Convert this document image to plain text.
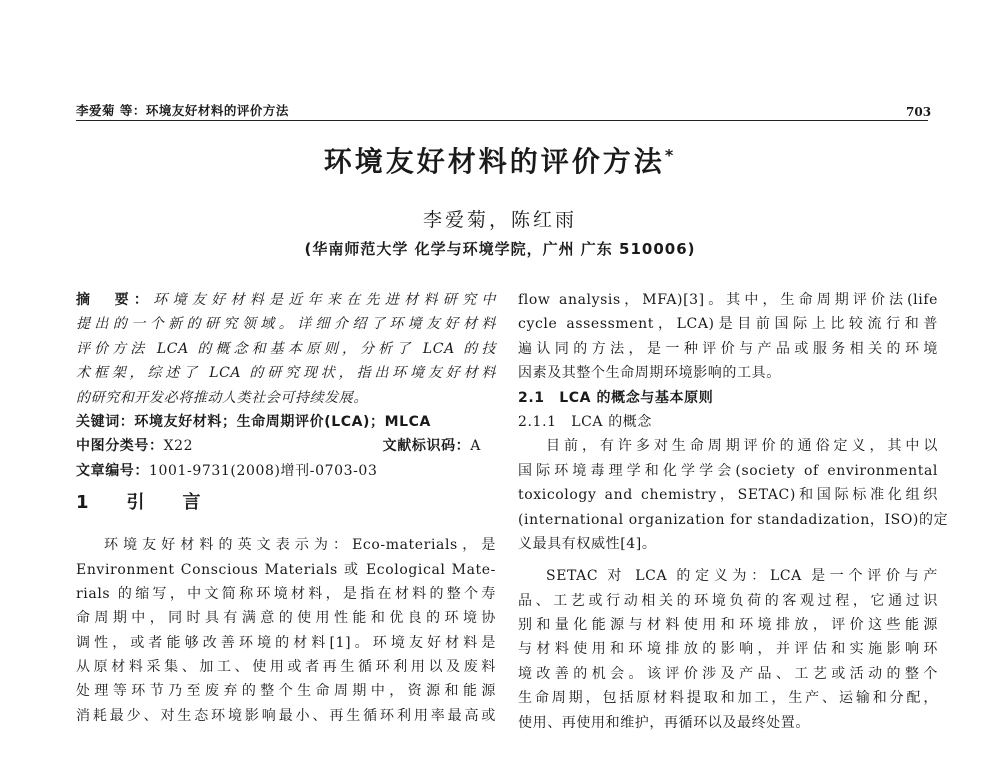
李爱菊 等：环境友好材料的评价方法	703
环境友好材料的评价方法*
李爱菊，陈红雨
(华南师范大学 化学与环境学院，广州 广东 510006)
摘　要：环境友好材料是近年来在先进材料研究中
提出的一个新的研究领域。详细介绍了环境友好材料
评价方法 LCA 的概念和基本原则，分析了 LCA 的技
术框架，综述了 LCA 的研究现状，指出环境友好材料
的研究和开发必将推动人类社会可持续发展。
关键词：环境友好材料；生命周期评价(LCA)；MLCA
中图分类号：X22	文献标识码：A
文章编号：1001-9731(2008)增刊-0703-03
1　引　言
环境友好材料的英文表示为：Eco-materials，是
Environment Conscious Materials 或 Ecological Mate-
rials 的缩写，中文简称环境材料，是指在材料的整个寿
命周期中，同时具有满意的使用性能和优良的环境协
调性，或者能够改善环境的材料[1]。环境友好材料是
从原材料采集、加工、使用或者再生循环利用以及废料
处理等环节乃至废弃的整个生命周期中，资源和能源
消耗最少、对生态环境影响最小、再生循环利用率最高或
flow analysis，MFA)[3]。其中，生命周期评价法(life
cycle assessment，LCA)是目前国际上比较流行和普
遍认同的方法，是一种评价与产品或服务相关的环境
因素及其整个生命周期环境影响的工具。
2.1　LCA 的概念与基本原则
2.1.1　LCA 的概念
目前，有许多对生命周期评价的通俗定义，其中以
国际环境毒理学和化学学会(society of environmental
toxicology and chemistry，SETAC)和国际标准化组织
(international organization for standadization，ISO)的定
义最具有权威性[4]。
SETAC 对 LCA 的定义为：LCA 是一个评价与产
品、工艺或行动相关的环境负荷的客观过程，它通过识
别和量化能源与材料使用和环境排放，评价这些能源
与材料使用和环境排放的影响，并评估和实施影响环
境改善的机会。该评价涉及产品、工艺或活动的整个
生命周期，包括原材料提取和加工，生产、运输和分配，
使用、再使用和维护，再循环以及最终处置。
